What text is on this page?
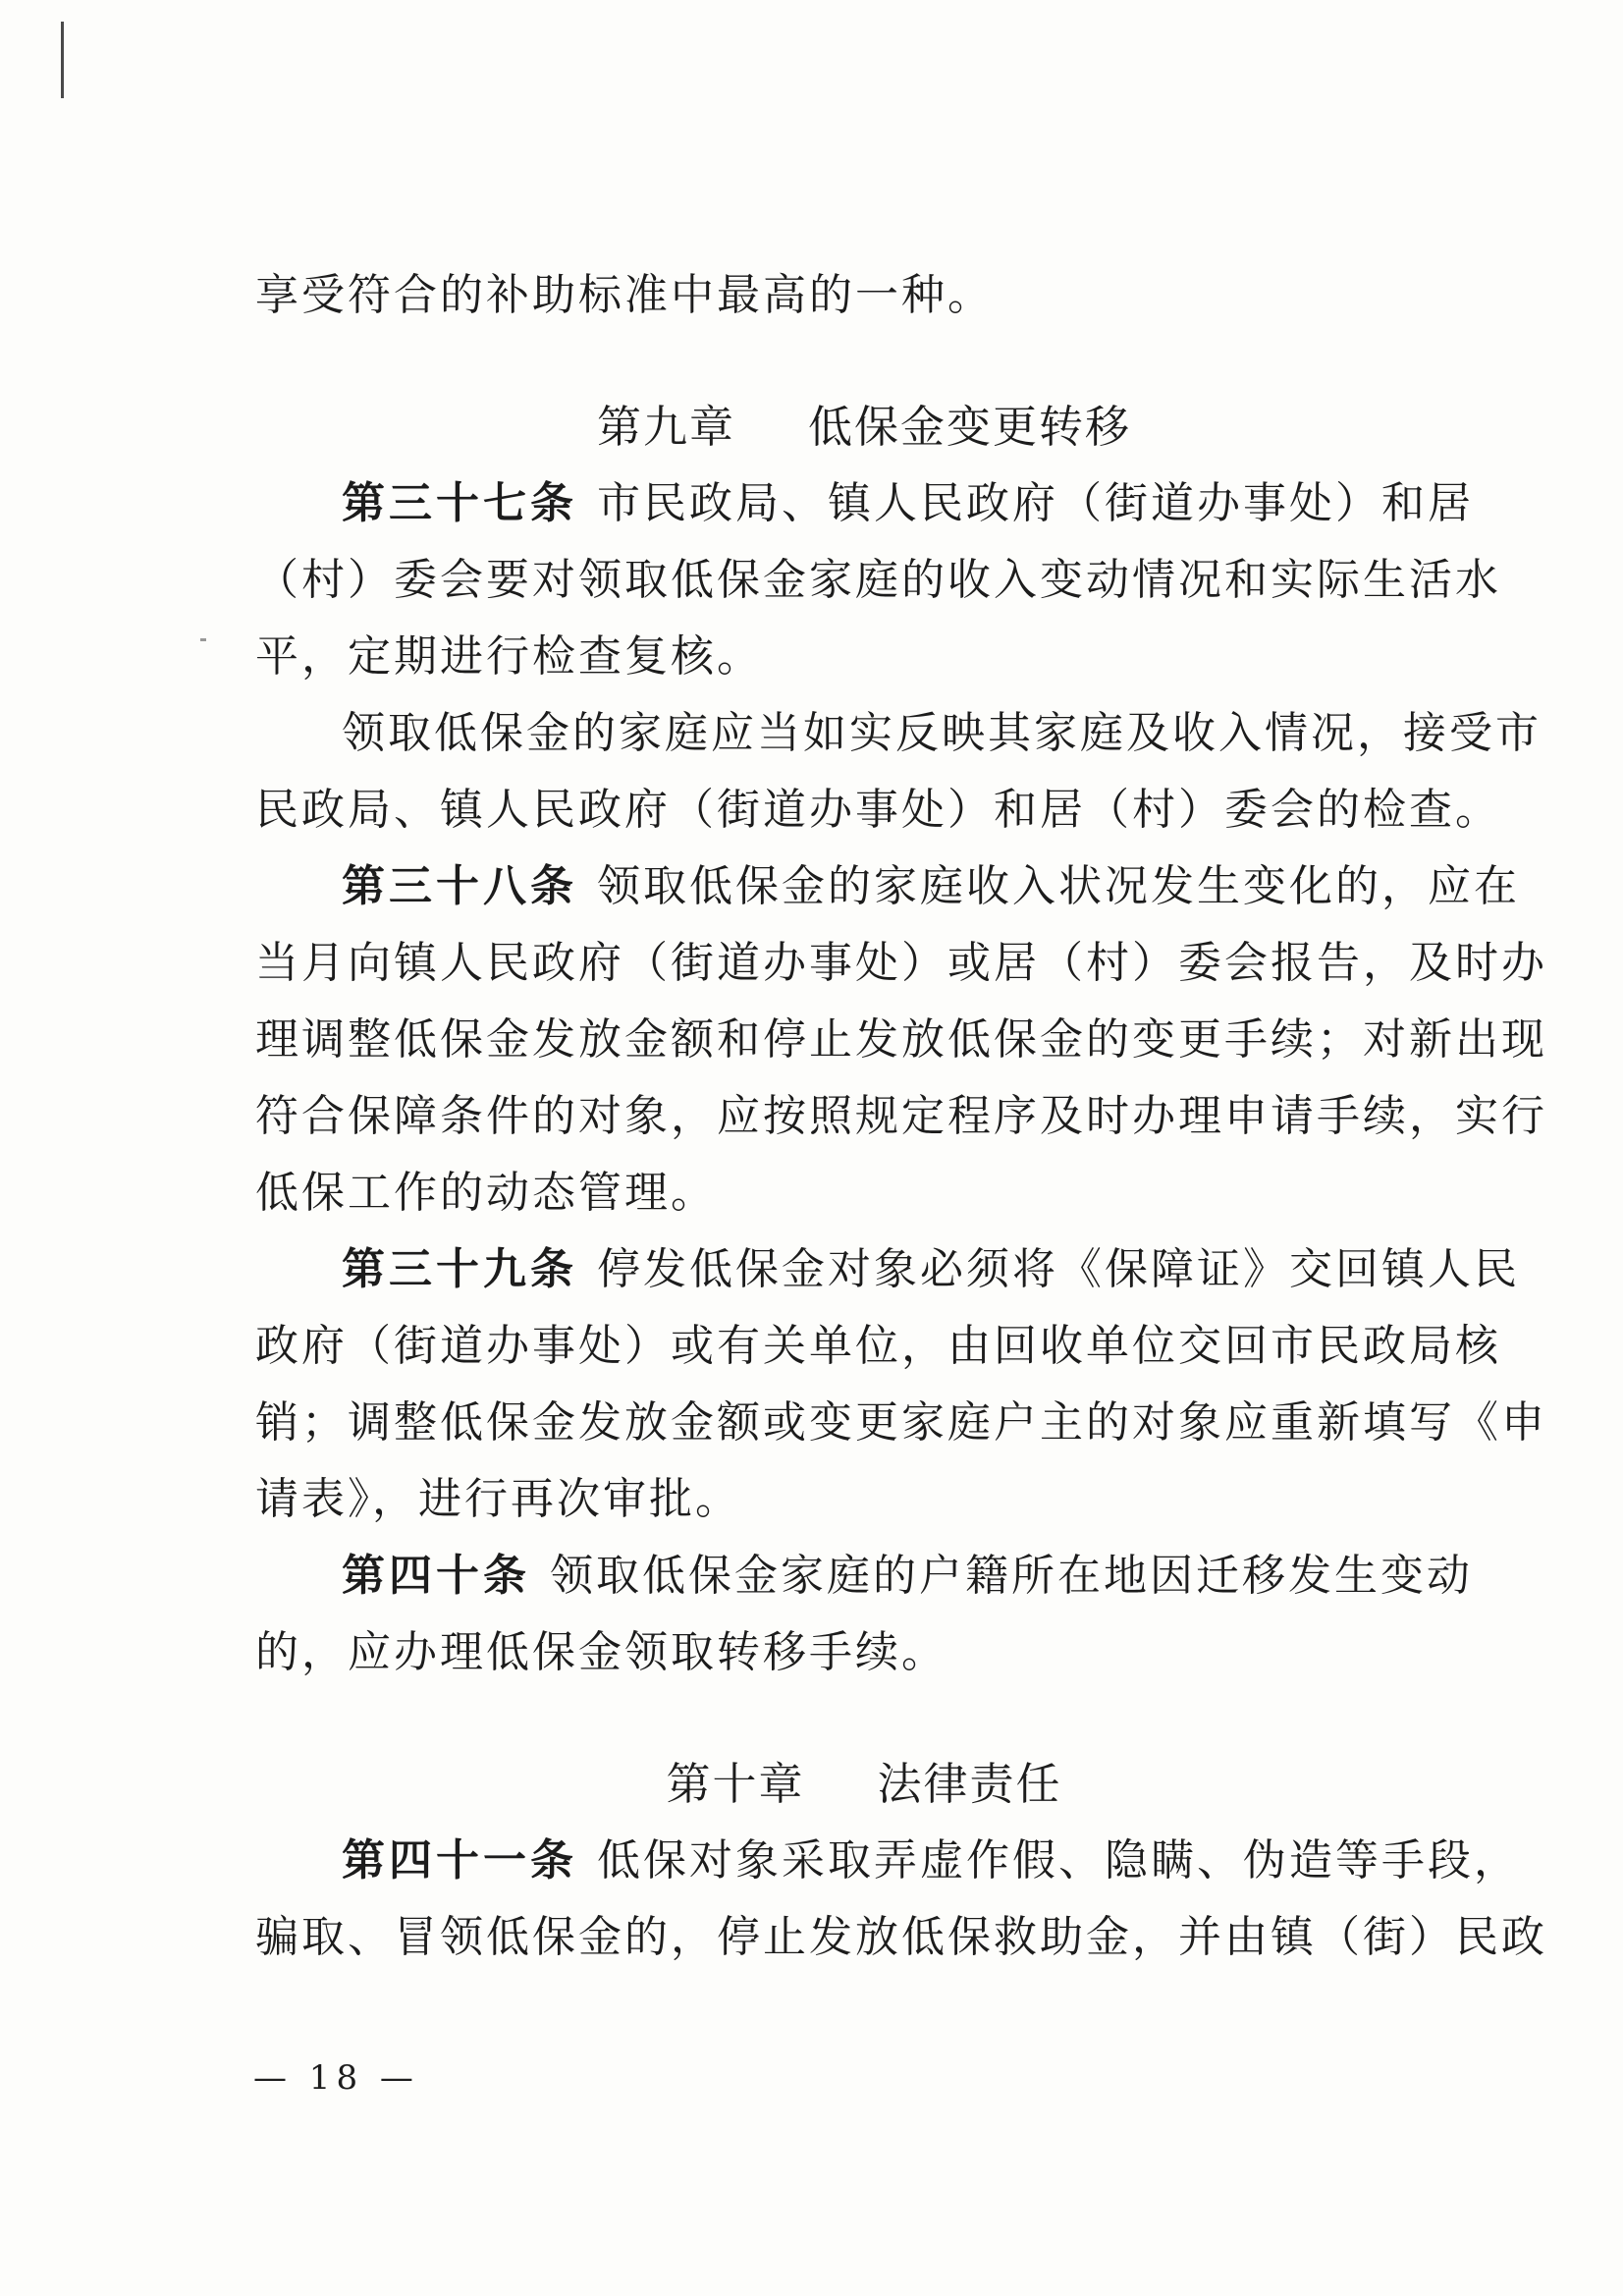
享受符合的补助标准中最高的一种。
第九章 低保金变更转移
第三十七条 市民政局、镇人民政府（街道办事处）和居
（村）委会要对领取低保金家庭的收入变动情况和实际生活水
平，定期进行检查复核。
领取低保金的家庭应当如实反映其家庭及收入情况，接受市
民政局、镇人民政府（街道办事处）和居（村）委会的检查。
第三十八条 领取低保金的家庭收入状况发生变化的，应在
当月向镇人民政府（街道办事处）或居（村）委会报告，及时办
理调整低保金发放金额和停止发放低保金的变更手续；对新出现
符合保障条件的对象，应按照规定程序及时办理申请手续，实行
低保工作的动态管理。
第三十九条 停发低保金对象必须将《保障证》交回镇人民
政府（街道办事处）或有关单位，由回收单位交回市民政局核
销；调整低保金发放金额或变更家庭户主的对象应重新填写《申
请表》，进行再次审批。
第四十条 领取低保金家庭的户籍所在地因迁移发生变动
的，应办理低保金领取转移手续。
第十章 法律责任
第四十一条 低保对象采取弄虚作假、隐瞒、伪造等手段，
骗取、冒领低保金的，停止发放低保救助金，并由镇（街）民政
— 18 —
